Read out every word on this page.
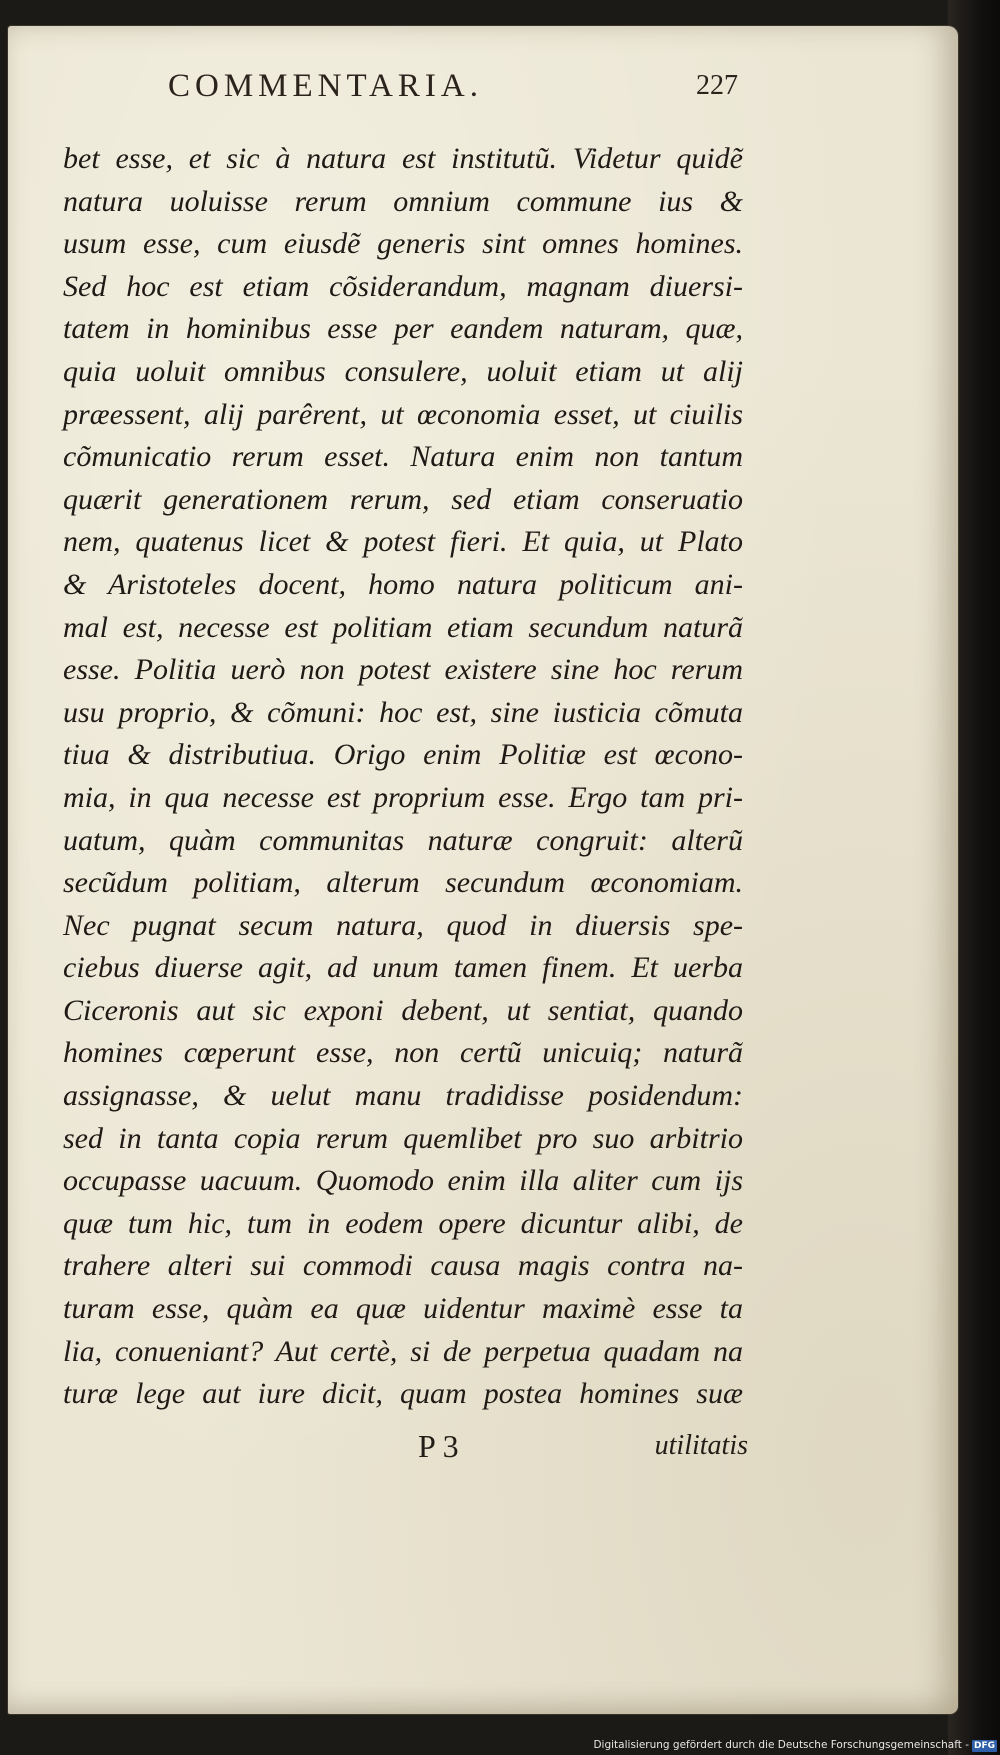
COMMENTARIA.	227
bet esse, et sic à natura est institutũ. Videtur quidẽ
natura uoluisse rerum omnium commune ius &
usum esse, cum eiusdẽ generis sint omnes homines.
Sed hoc est etiam cõsiderandum, magnam diuersi-
tatem in hominibus esse per eandem naturam, quæ,
quia uoluit omnibus consulere, uoluit etiam ut alij
præessent, alij parêrent, ut œconomia esset, ut ciuilis
cõmunicatio rerum esset. Natura enim non tantum
quærit generationem rerum, sed etiam conseruatio
nem, quatenus licet & potest fieri. Et quia, ut Plato
& Aristoteles docent, homo natura politicum ani-
mal est, necesse est politiam etiam secundum naturã
esse. Politia uerò non potest existere sine hoc rerum
usu proprio, & cõmuni: hoc est, sine iusticia cõmuta
tiua & distributiua. Origo enim Politiæ est œcono-
mia, in qua necesse est proprium esse. Ergo tam pri-
uatum, quàm communitas naturæ congruit: alterũ
secũdum politiam, alterum secundum œconomiam.
Nec pugnat secum natura, quod in diuersis spe-
ciebus diuerse agit, ad unum tamen finem. Et uerba
Ciceronis aut sic exponi debent, ut sentiat, quando
homines cœperunt esse, non certũ unicuiq; naturã
assignasse, & uelut manu tradidisse posidendum:
sed in tanta copia rerum quemlibet pro suo arbitrio
occupasse uacuum. Quomodo enim illa aliter cum ijs
quæ tum hic, tum in eodem opere dicuntur alibi, de
trahere alteri sui commodi causa magis contra na-
turam esse, quàm ea quæ uidentur maximè esse ta
lia, conueniant? Aut certè, si de perpetua quadam na
turæ lege aut iure dicit, quam postea homines suæ
P 3	utilitatis
Digitalisierung gefördert durch die Deutsche Forschungsgemeinschaft - DFG
